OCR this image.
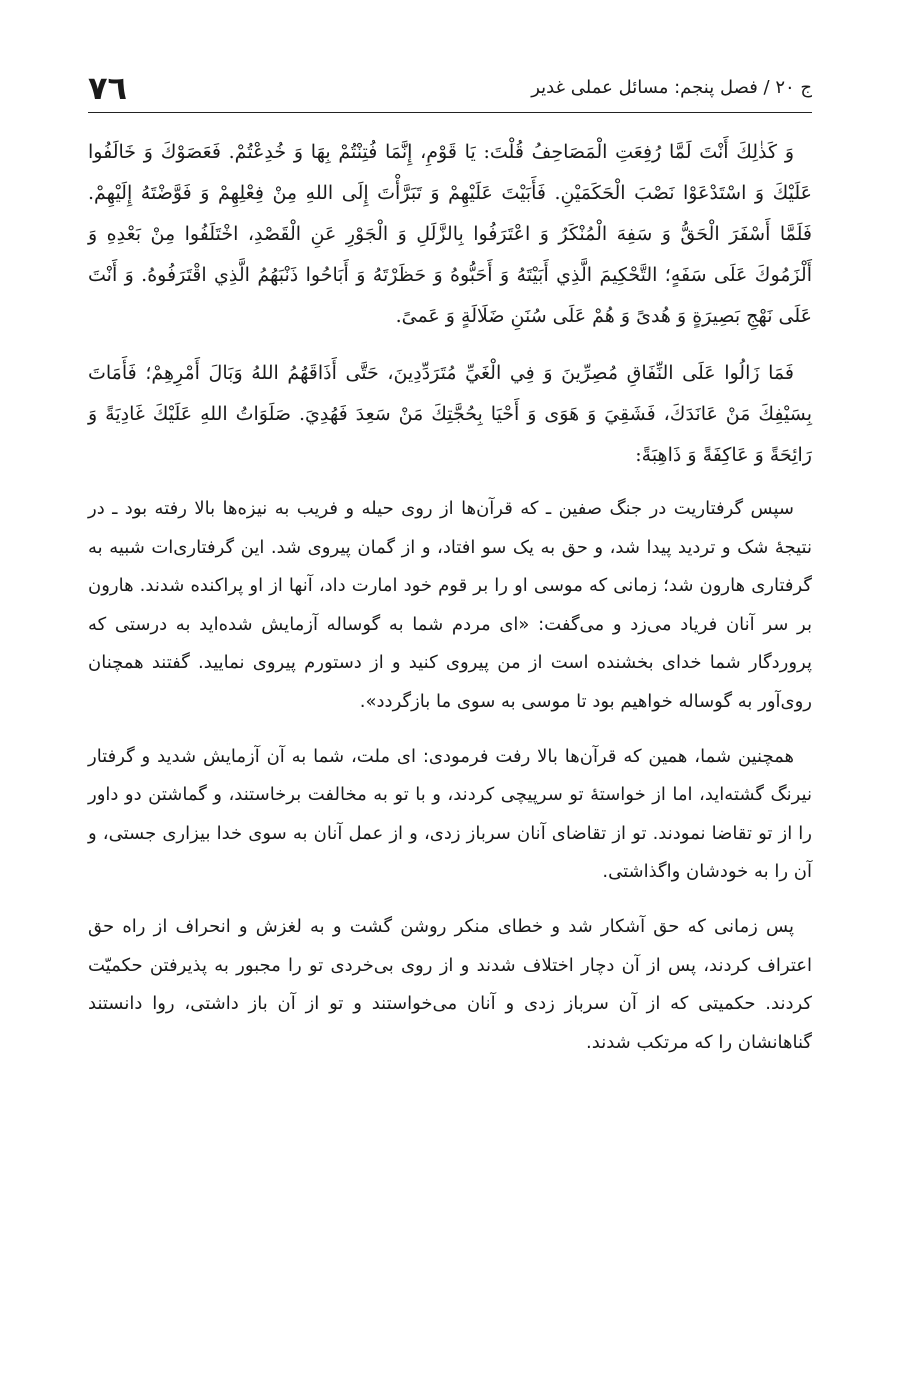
٧٦	ج ۲۰ / فصل پنجم: مسائل عملی غدیر

وَ كَذٰلِكَ أَنْتَ لَمَّا رُفِعَتِ الْمَصَاحِفُ قُلْتَ: يَا قَوْمِ، إِنَّمَا فُتِنْتُمْ بِهَا وَ خُدِعْتُمْ. فَعَصَوْكَ وَ خَالَفُوا عَلَيْكَ وَ اسْتَدْعَوْا نَصْبَ الْحَكَمَيْنِ. فَأَبَيْتَ عَلَيْهِمْ وَ تَبَرَّأْتَ إِلَى اللهِ مِنْ فِعْلِهِمْ وَ فَوَّضْتَهُ إِلَيْهِمْ. فَلَمَّا أَسْفَرَ الْحَقُّ وَ سَفِهَ الْمُنْكَرُ وَ اعْتَرَفُوا بِالزَّلَلِ وَ الْجَوْرِ عَنِ الْقَصْدِ، اخْتَلَفُوا مِنْ بَعْدِهِ وَ أَلْزَمُوكَ عَلَى سَفَهٍ؛ التَّحْكِيمَ الَّذِي أَبَيْتَهُ وَ أَحَبُّوهُ وَ حَظَرْتَهُ وَ أَبَاحُوا ذَنْبَهُمُ الَّذِي اقْتَرَفُوهُ. وَ أَنْتَ عَلَى نَهْجِ بَصِيرَةٍ وَ هُدىً وَ هُمْ عَلَى سُنَنِ ضَلَالَةٍ وَ عَمىً.

فَمَا زَالُوا عَلَى النِّفَاقِ مُصِرِّينَ وَ فِي الْغَيِّ مُتَرَدِّدِينَ، حَتَّى أَذَاقَهُمُ اللهُ وَبَالَ أَمْرِهِمْ؛ فَأَمَاتَ بِسَيْفِكَ مَنْ عَانَدَكَ، فَشَقِيَ وَ هَوَى وَ أَحْيَا بِحُجَّتِكَ مَنْ سَعِدَ فَهُدِيَ. صَلَوَاتُ اللهِ عَلَيْكَ غَادِيَةً وَ رَائِحَةً وَ عَاكِفَةً وَ ذَاهِبَةً:

سپس گرفتاریت در جنگ صفین ـ که قرآن‌ها از روی حیله و فریب به نیزه‌ها بالا رفته بود ـ در نتیجهٔ شک و تردید پیدا شد، و حق به یک سو افتاد، و از گمان پیروی شد. این گرفتاری‌ات شبیه به گرفتاری هارون شد؛ زمانی که موسی او را بر قوم خود امارت داد، آنها از او پراکنده شدند. هارون بر سر آنان فریاد می‌زد و می‌گفت: «ای مردم شما به گوساله آزمایش شده‌اید به درستی که پروردگار شما خدای بخشنده است از من پیروی کنید و از دستورم پیروی نمایید. گفتند همچنان روی‌آور به گوساله خواهیم بود تا موسی به سوی ما بازگردد».

همچنین شما، همین که قرآن‌ها بالا رفت فرمودی: ای ملت، شما به آن آزمایش شدید و گرفتار نیرنگ گشته‌اید، اما از خواستهٔ تو سرپیچی کردند، و با تو به مخالفت برخاستند، و گماشتن دو داور را از تو تقاضا نمودند. تو از تقاضای آنان سرباز زدی، و از عمل آنان به سوی خدا بیزاری جستی، و آن را به خودشان واگذاشتی.

پس زمانی که حق آشکار شد و خطای منکر روشن گشت و به لغزش و انحراف از راه حق اعتراف کردند، پس از آن دچار اختلاف شدند و از روی بی‌خردی تو را مجبور به پذیرفتن حکمیّت کردند. حکمیتی که از آن سرباز زدی و آنان می‌خواستند و تو از آن باز داشتی، روا دانستند گناهانشان را که مرتکب شدند.
